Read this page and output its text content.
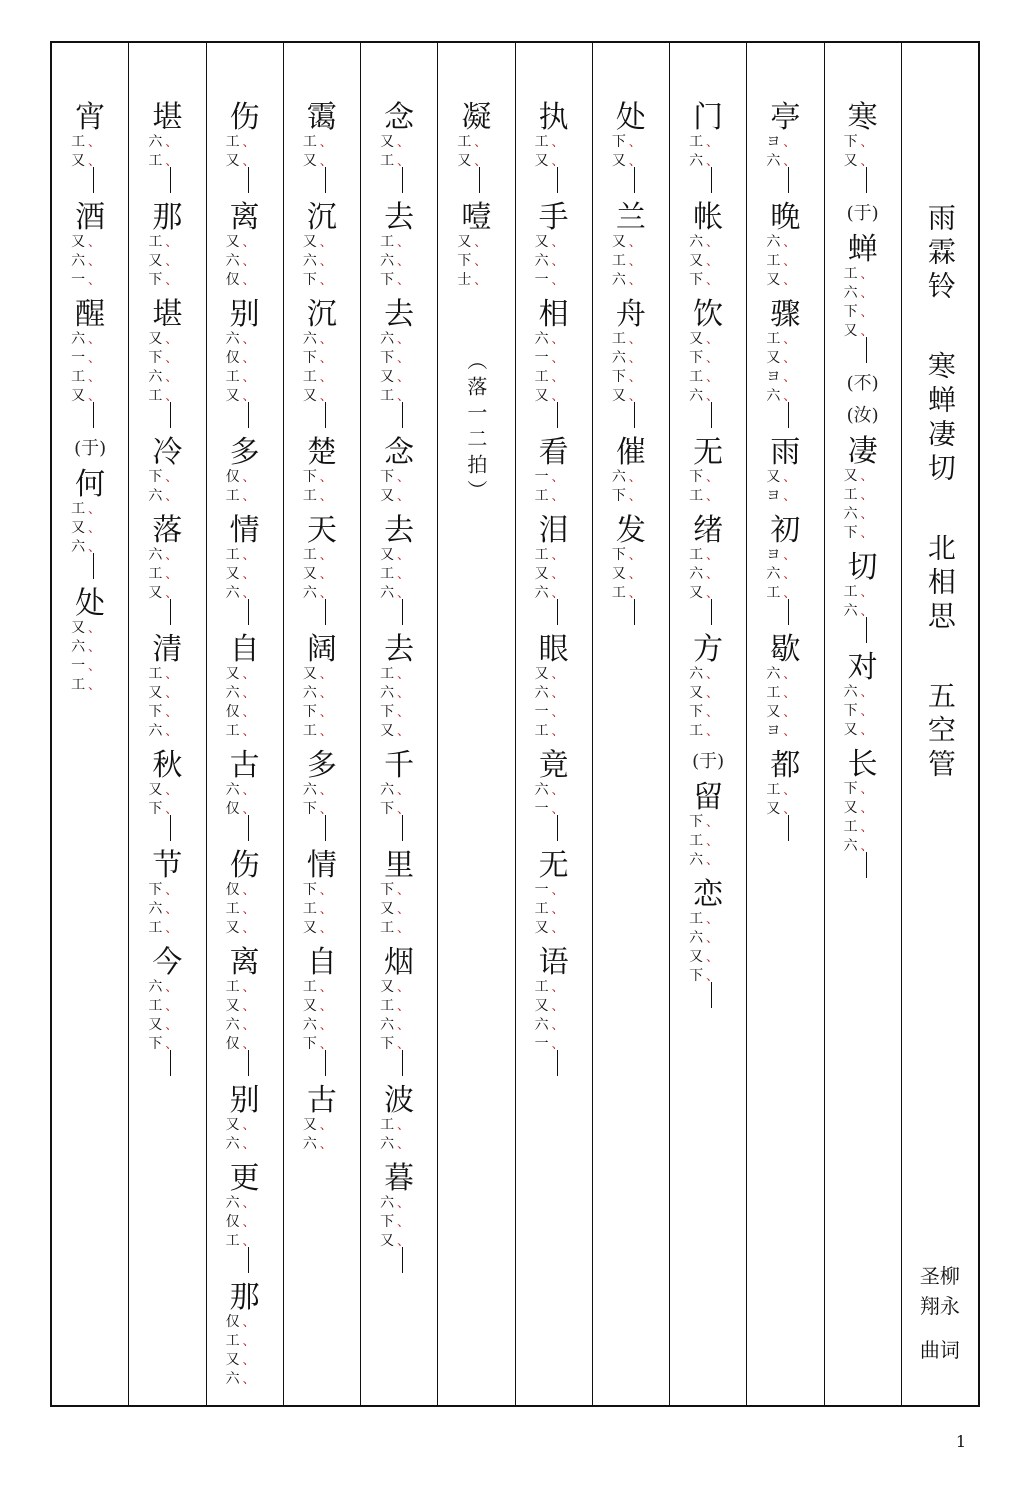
宵
工 、
又 、
酒
又 、
六 、
一 、
醒
六 、
一 、
工 、
又 、
(于)
何
工 、
又 、
六 、
处
又 、
六 、
一 、
工 、
堪
六 、
工 、
那
工 、
又 、
下 、
堪
又 、
下 、
六 、
工 、
冷
下 、
六 、
落
六 、
工 、
又 、
清
工 、
又 、
下 、
六 、
秋
又 、
下 、
节
下 、
六 、
工 、
今
六 、
工 、
又 、
下 、
伤
工 、
又 、
离
又 、
六 、
仅 、
别
六 、
仅 、
工 、
又 、
多
仅 、
工 、
情
工 、
又 、
六 、
自
又 、
六 、
仅 、
工 、
古
六 、
仅 、
伤
仅 、
工 、
又 、
离
工 、
又 、
六 、
仅 、
别
又 、
六 、
更
六 、
仅 、
工 、
那
仅 、
工 、
又 、
六 、
霭
工 、
又 、
沉
又 、
六 、
下 、
沉
六 、
下 、
工 、
又 、
楚
下 、
工 、
天
工 、
又 、
六 、
阔
又 、
六 、
下 、
工 、
多
六 、
下 、
情
下 、
工 、
又 、
自
工 、
又 、
六 、
下 、
古
又 、
六 、
念
又 、
工 、
去
工 、
六 、
下 、
去
六 、
下 、
又 、
工 、
念
下 、
又 、
去
又 、
工 、
六 、
去
工 、
六 、
下 、
又 、
千
六 、
下 、
里
下 、
又 、
工 、
烟
又 、
工 、
六 、
下 、
波
工 、
六 、
暮
六 、
下 、
又 、
凝
工 、
又 、
噎
又 、
下 、
士 、
（落一二拍）
执
工 、
又 、
手
又 、
六 、
一 、
相
六 、
一 、
工 、
又 、
看
一 、
工 、
泪
工 、
又 、
六 、
眼
又 、
六 、
一 、
工 、
竟
六 、
一 、
无
一 、
工 、
又 、
语
工 、
又 、
六 、
一 、
处
下 、
又 、
兰
又 、
工 、
六 、
舟
工 、
六 、
下 、
又 、
催
六 、
下 、
发
下 、
又 、
工 、
门
工 、
六 、
帐
六 、
又 、
下 、
饮
又 、
下 、
工 、
六 、
无
下 、
工 、
绪
工 、
六 、
又 、
方
六 、
又 、
下 、
工 、
(于)
留
下 、
工 、
六 、
恋
工 、
六 、
又 、
下 、
亭
ヨ 、
六 、
晚
六 、
工 、
又 、
骤
工 、
又 、
ヨ 、
六 、
雨
又 、
ヨ 、
初
ヨ 、
六 、
工 、
歇
六 、
工 、
又 、
ヨ 、
都
工 、
又 、
寒
下 、
又 、
(于)
蝉
工 、
六 、
下 、
又 、
(不)
(汝)
凄
又 、
工 、
六 、
下 、
切
工 、
六 、
对
六 、
下 、
又 、
长
下 、
又 、
工 、
六 、
雨霖铃
寒蝉凄切
北相思
五空管
圣柳
翔永
曲词
1
